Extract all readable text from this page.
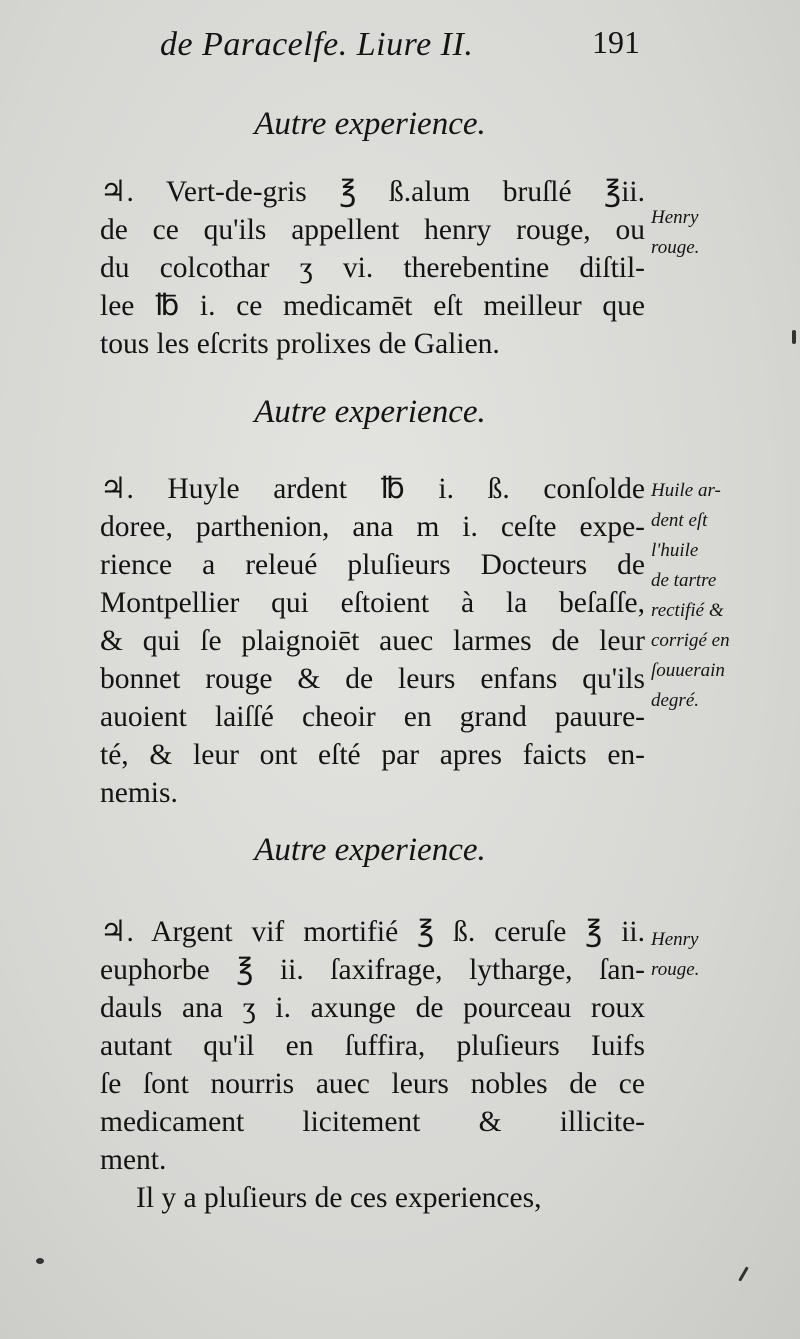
de Paracelfe. Liure II.	191
Autre experience.
♃. Vert-de-gris ℥ ß.alum bruſlé ℥ii.
de ce qu'ils appellent henry rouge, ou
du colcothar ʒ vi. therebentine diſtil-
lee ℔ i. ce medicamēt eſt meilleur que
tous les eſcrits prolixes de Galien.
Henry
rouge.
Autre experience.
♃. Huyle ardent ℔ i. ß. conſolde
doree, parthenion, ana m i. ceſte expe-
rience a releué pluſieurs Docteurs de
Montpellier qui eſtoient à la beſaſſe,
& qui ſe plaignoiēt auec larmes de leur
bonnet rouge & de leurs enfans qu'ils
auoient laiſſé cheoir en grand pauure-
té, & leur ont eſté par apres faicts en-
nemis.
Huile ar-
dent eſt
l'huile
de tartre
rectifié &
corrigé en
ſouuerain
degré.
Autre experience.
♃. Argent vif mortifié ℥ ß. ceruſe ℥ ii.
euphorbe ℥ ii. ſaxifrage, lytharge, ſan-
dauls ana ʒ i. axunge de pourceau roux
autant qu'il en ſuffira, pluſieurs Iuifs
ſe ſont nourris auec leurs nobles de ce
medicament licitement & illicite-
ment.
Il y a pluſieurs de ces experiences,
Henry
rouge.
